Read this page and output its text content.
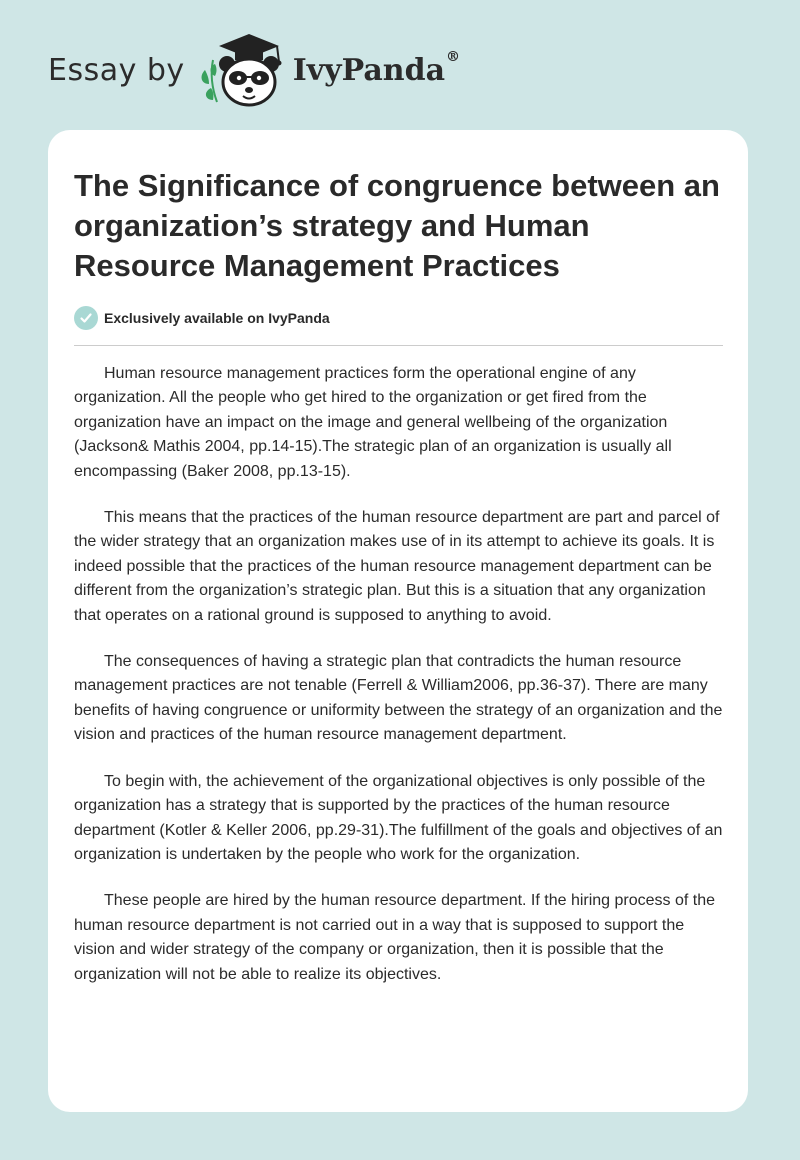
Essay by	IvyPanda®
The Significance of congruence between an organization’s strategy and Human Resource Management Practices
Exclusively available on IvyPanda

Human resource management practices form the operational engine of any organization. All the people who get hired to the organization or get fired from the organization have an impact on the image and general wellbeing of the organization (Jackson& Mathis 2004, pp.14-15).The strategic plan of an organization is usually all encompassing (Baker 2008, pp.13-15).

This means that the practices of the human resource department are part and parcel of the wider strategy that an organization makes use of in its attempt to achieve its goals. It is indeed possible that the practices of the human resource management department can be different from the organization’s strategic plan. But this is a situation that any organization that operates on a rational ground is supposed to anything to avoid.

The consequences of having a strategic plan that contradicts the human resource management practices are not tenable (Ferrell & William2006, pp.36-37). There are many benefits of having congruence or uniformity between the strategy of an organization and the vision and practices of the human resource management department.

To begin with, the achievement of the organizational objectives is only possible of the organization has a strategy that is supported by the practices of the human resource department (Kotler & Keller 2006, pp.29-31).The fulfillment of the goals and objectives of an organization is undertaken by the people who work for the organization.

These people are hired by the human resource department. If the hiring process of the human resource department is not carried out in a way that is supposed to support the vision and wider strategy of the company or organization, then it is possible that the organization will not be able to realize its objectives.
